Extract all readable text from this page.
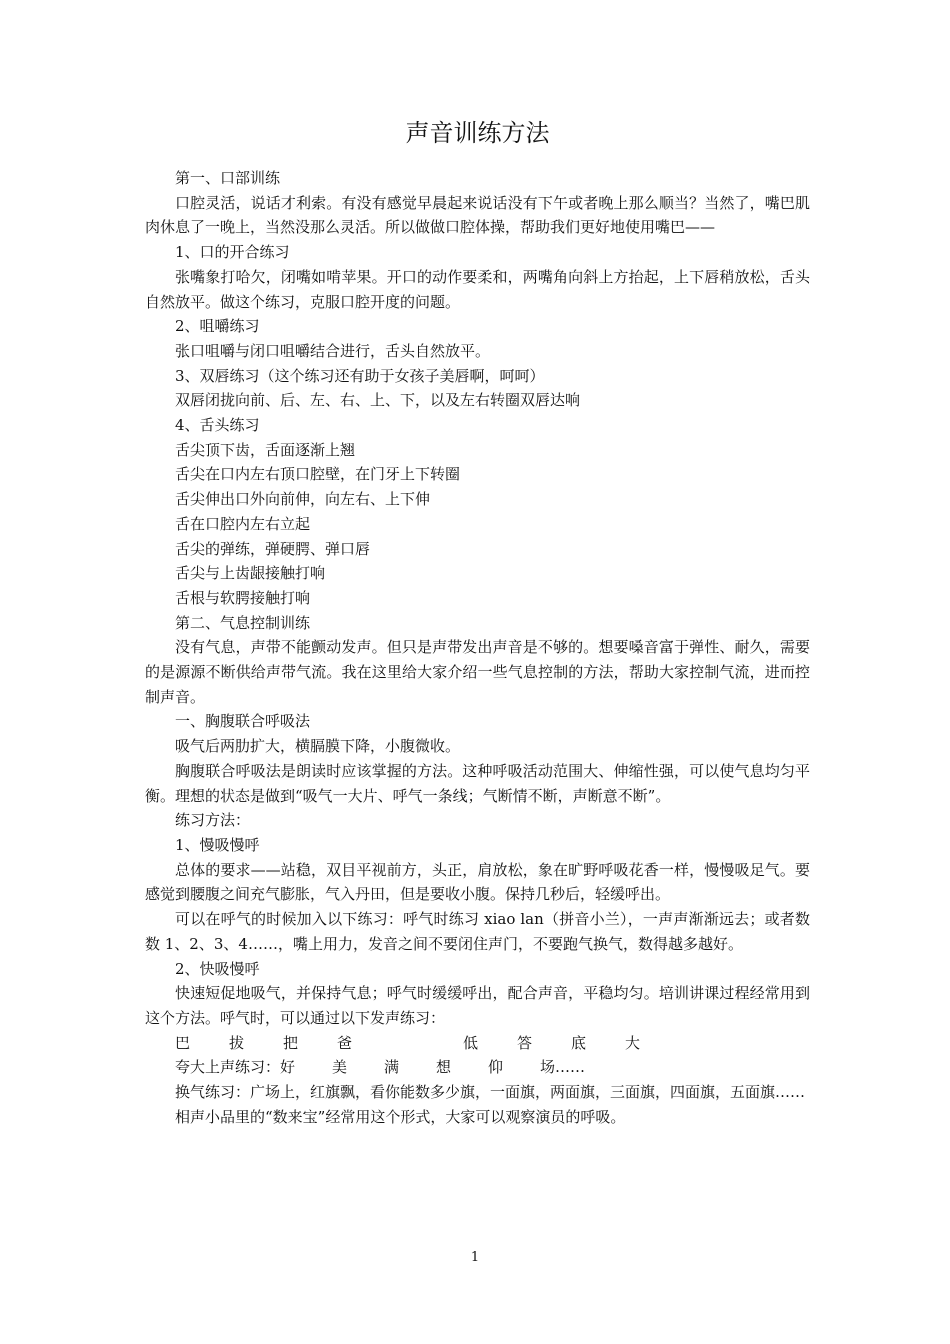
声音训练方法

第一、口部训练

口腔灵活，说话才利索。有没有感觉早晨起来说话没有下午或者晚上那么顺当？当然了，嘴巴肌肉休息了一晚上，当然没那么灵活。所以做做口腔体操，帮助我们更好地使用嘴巴——

1、口的开合练习

张嘴象打哈欠，闭嘴如啃苹果。开口的动作要柔和，两嘴角向斜上方抬起，上下唇稍放松，舌头自然放平。做这个练习，克服口腔开度的问题。

2、咀嚼练习

张口咀嚼与闭口咀嚼结合进行，舌头自然放平。

3、双唇练习（这个练习还有助于女孩子美唇啊，呵呵）

双唇闭拢向前、后、左、右、上、下，以及左右转圈双唇达响

4、舌头练习

舌尖顶下齿，舌面逐渐上翘

舌尖在口内左右顶口腔壁，在门牙上下转圈

舌尖伸出口外向前伸，向左右、上下伸

舌在口腔内左右立起

舌尖的弹练，弹硬腭、弹口唇

舌尖与上齿龈接触打响

舌根与软腭接触打响

第二、气息控制训练

没有气息，声带不能颤动发声。但只是声带发出声音是不够的。想要嗓音富于弹性、耐久，需要的是源源不断供给声带气流。我在这里给大家介绍一些气息控制的方法，帮助大家控制气流，进而控制声音。

一、胸腹联合呼吸法

吸气后两肋扩大，横膈膜下降，小腹微收。

胸腹联合呼吸法是朗读时应该掌握的方法。这种呼吸活动范围大、伸缩性强，可以使气息均匀平衡。理想的状态是做到“吸气一大片、呼气一条线；气断情不断，声断意不断”。

练习方法：

1、慢吸慢呼

总体的要求——站稳，双目平视前方，头正，肩放松，象在旷野呼吸花香一样，慢慢吸足气。要感觉到腰腹之间充气膨胀，气入丹田，但是要收小腹。保持几秒后，轻缓呼出。

可以在呼气的时候加入以下练习：呼气时练习 xiao lan（拼音小兰），一声声渐渐远去；或者数数 1、2、3、4……，嘴上用力，发音之间不要闭住声门，不要跑气换气，数得越多越好。

2、快吸慢呼

快速短促地吸气，并保持气息；呼气时缓缓呼出，配合声音，平稳均匀。培训讲课过程经常用到这个方法。呼气时，可以通过以下发声练习：

巴	拔	把	爸	低	答	底	大

夸大上声练习：好 美 满 想 仰 场……

换气练习：广场上，红旗飘，看你能数多少旗，一面旗，两面旗，三面旗，四面旗，五面旗……

相声小品里的“数来宝”经常用这个形式，大家可以观察演员的呼吸。

1
